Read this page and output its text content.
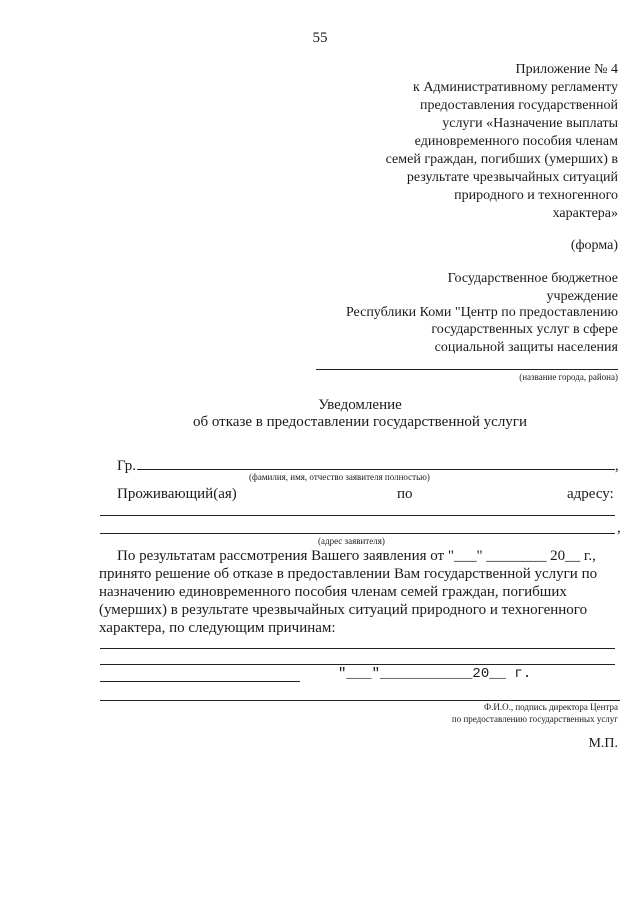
55
Приложение № 4
к Административному регламенту
предоставления государственной
услуги «Назначение выплаты
единовременного пособия членам
семей граждан, погибших (умерших) в
результате чрезвычайных ситуаций
природного и техногенного
характера»
(форма)
Государственное бюджетное
учреждение
Республики Коми "Центр по предоставлению
государственных услуг в сфере
социальной защиты населения
(название города, района)
Уведомление
об отказе в предоставлении государственной услуги
Гр.	,
(фамилия, имя, отчество заявителя полностью)
Проживающий(ая)	по	адресу:
,
(адрес заявителя)
По результатам рассмотрения Вашего заявления от "___" ________ 20__ г.,
принято решение об отказе в предоставлении Вам государственной услуги по
назначению единовременного пособия членам семей граждан, погибших
(умерших) в результате чрезвычайных ситуаций природного и техногенного
характера, по следующим причинам:
"___"___________20__ г.
Ф.И.О., подпись директора Центра
по предоставлению государственных услуг
М.П.
